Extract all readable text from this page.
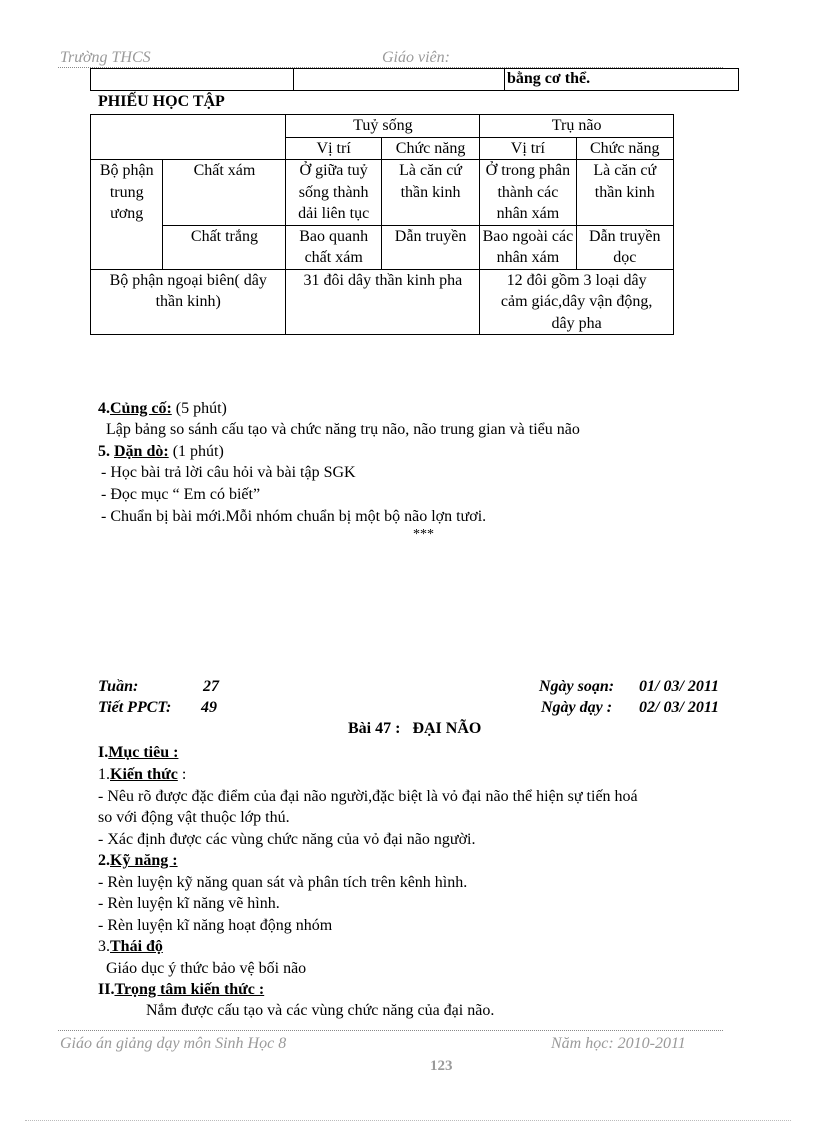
Trường THCS	Giáo viên:
		bằng cơ thể.
PHIẾU HỌC TẬP
		Tuỷ sống		Trụ não	
		Vị trí	Chức năng	Vị trí	Chức năng
Bộ phận trung ương	Chất xám	Ở giữa tuỷ sống thành dải liên tục	Là căn cứ thần kinh	Ở trong phân thành các nhân xám	Là căn cứ thần kinh
	Chất trắng	Bao quanh chất xám	Dẫn truyền	Bao ngoài các nhân xám	Dẫn truyền dọc
Bộ phận ngoại biên( dây thần kinh)		31 đôi dây thần kinh pha		12 đôi gồm 3 loại dây cảm giác,dây vận động, dây pha	
4.Củng cố: (5 phút)
Lập bảng so sánh cấu tạo và chức năng trụ não, não trung gian và tiểu não
5. Dặn dò: (1 phút)
- Học bài trả lời câu hỏi và bài tập SGK
- Đọc mục “ Em có biết”
- Chuẩn bị bài mới.Mỗi nhóm chuẩn bị một bộ não lợn tươi.
***
Tuần:	27
Tiết PPCT: 49
Ngày soạn: 01/ 03/ 2011
Ngày dạy : 02/ 03/ 2011
Bài 47 :   ĐẠI NÃO
I.Mục tiêu :
1.Kiến thức :
- Nêu rõ được đặc điểm của đại não người,đặc biệt là vỏ đại não thể hiện sự tiến hoá
so với động vật thuộc lớp thú.
- Xác định được các vùng chức năng của vỏ đại não người.
2.Kỹ năng :
- Rèn luyện kỹ năng quan sát và phân tích trên kênh hình.
- Rèn luyện kĩ năng vẽ hình.
- Rèn luyện kĩ năng hoạt động nhóm
3.Thái độ
Giáo dục ý thức bảo vệ bối não
II.Trọng tâm kiến thức :
Nắm được cấu tạo và các vùng chức năng của đại não.
Giáo án giảng dạy môn Sinh Học 8	Năm học: 2010-2011
123
